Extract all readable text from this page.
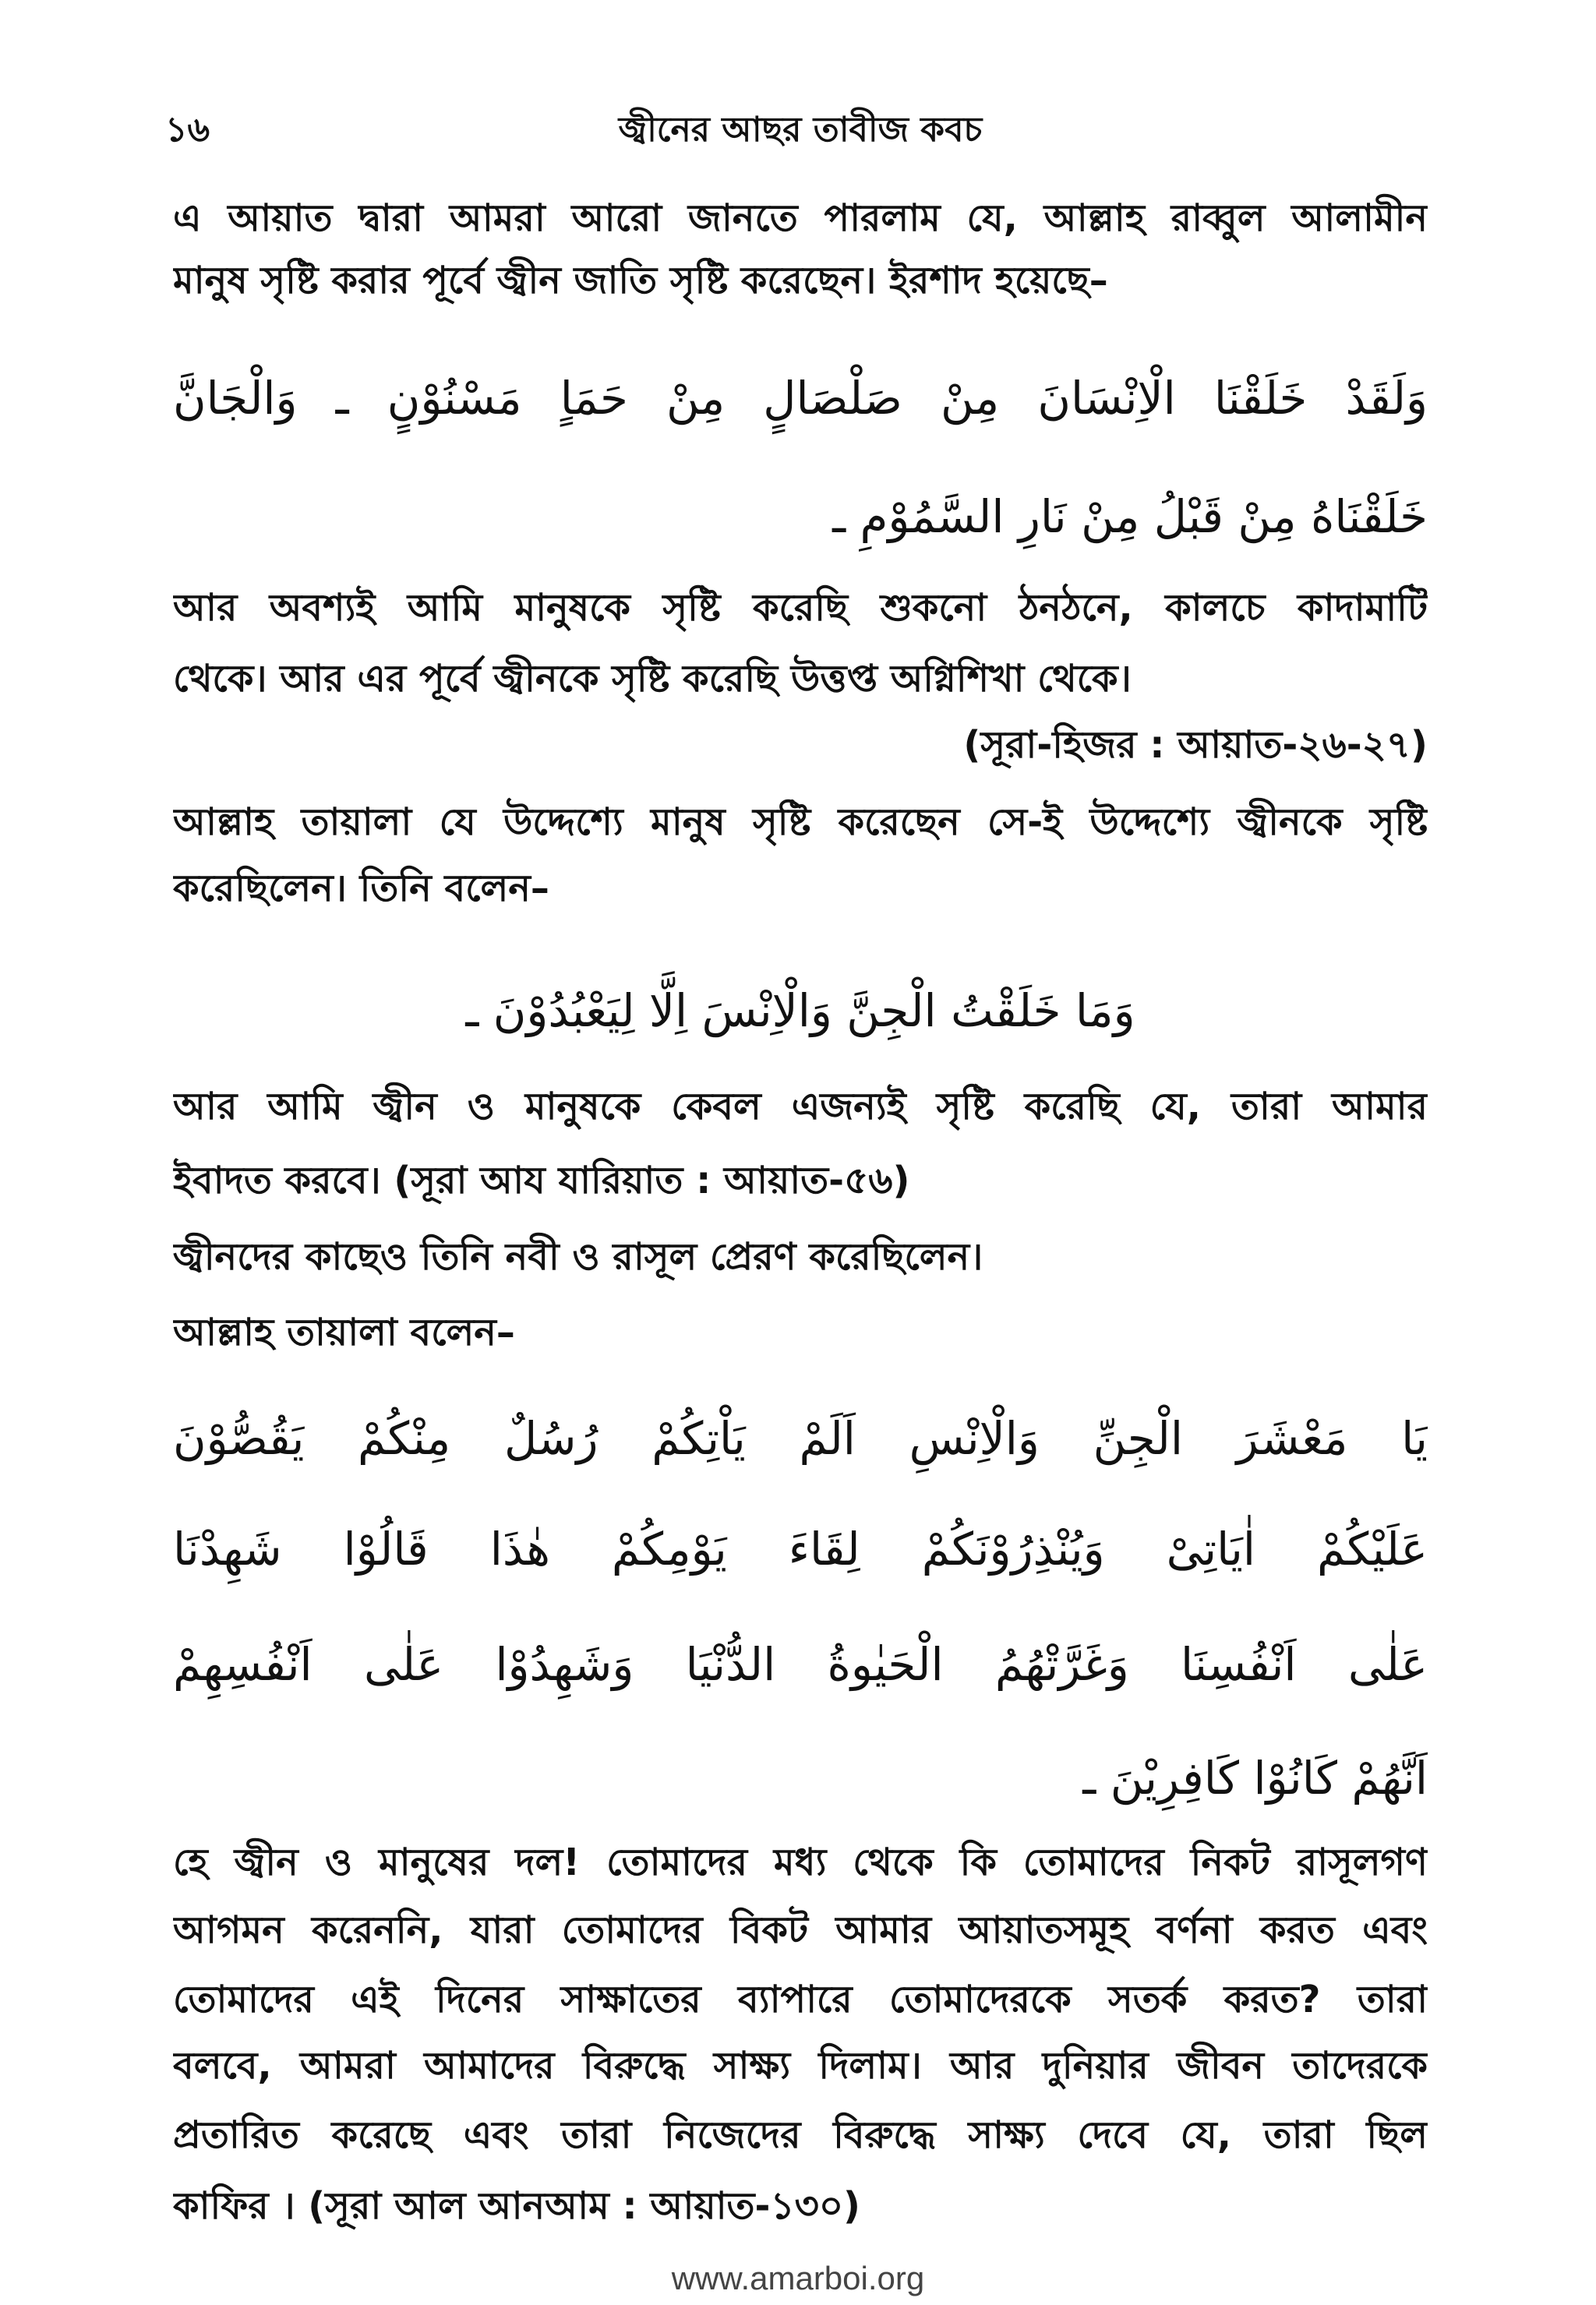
১৬	জ্বীনের আছর তাবীজ কবচ
এ আয়াত দ্বারা আমরা আরো জানতে পারলাম যে, আল্লাহ রাব্বুল আলামীন
মানুষ সৃষ্টি করার পূর্বে জ্বীন জাতি সৃষ্টি করেছেন। ইরশাদ হয়েছে–
وَلَقَدْ خَلَقْنَا الْاِنْسَانَ مِنْ صَلْصَالٍ مِنْ حَمَاٍ مَسْنُوْنٍ ـ وَالْجَانَّ
خَلَقْنَاهُ مِنْ قَبْلُ مِنْ نَارِ السَّمُوْمِ ـ
আর অবশ্যই আমি মানুষকে সৃষ্টি করেছি শুকনো ঠনঠনে, কালচে কাদামাটি
থেকে। আর এর পূর্বে জ্বীনকে সৃষ্টি করেছি উত্তপ্ত অগ্নিশিখা থেকে।
(সূরা-হিজর : আয়াত-২৬-২৭)
আল্লাহ তায়ালা যে উদ্দেশ্যে মানুষ সৃষ্টি করেছেন সে-ই উদ্দেশ্যে জ্বীনকে সৃষ্টি
করেছিলেন। তিনি বলেন–
وَمَا خَلَقْتُ الْجِنَّ وَالْاِنْسَ اِلَّا لِيَعْبُدُوْنَ ـ
আর আমি জ্বীন ও মানুষকে কেবল এজন্যই সৃষ্টি করেছি যে, তারা আমার
ইবাদত করবে। (সূরা আয যারিয়াত : আয়াত-৫৬)
জ্বীনদের কাছেও তিনি নবী ও রাসূল প্রেরণ করেছিলেন।
আল্লাহ তায়ালা বলেন–
يَا مَعْشَرَ الْجِنِّ وَالْاِنْسِ اَلَمْ يَاْتِكُمْ رُسُلٌ مِنْكُمْ يَقُصُّوْنَ
عَلَيْكُمْ اٰيَاتِىْ وَيُنْذِرُوْنَكُمْ لِقَاءَ يَوْمِكُمْ هٰذَا قَالُوْا شَهِدْنَا
عَلٰى اَنْفُسِنَا وَغَرَّتْهُمُ الْحَيٰوةُ الدُّنْيَا وَشَهِدُوْا عَلٰى اَنْفُسِهِمْ
اَنَّهُمْ كَانُوْا كَافِرِيْنَ ـ
হে জ্বীন ও মানুষের দল! তোমাদের মধ্য থেকে কি তোমাদের নিকট রাসূলগণ
আগমন করেননি, যারা তোমাদের বিকট আমার আয়াতসমূহ বর্ণনা করত এবং
তোমাদের এই দিনের সাক্ষাতের ব্যাপারে তোমাদেরকে সতর্ক করত? তারা
বলবে, আমরা আমাদের বিরুদ্ধে সাক্ষ্য দিলাম। আর দুনিয়ার জীবন তাদেরকে
প্রতারিত করেছে এবং তারা নিজেদের বিরুদ্ধে সাক্ষ্য দেবে যে, তারা ছিল
কাফির । (সূরা আল আনআম : আয়াত-১৩০)
www.amarboi.org
